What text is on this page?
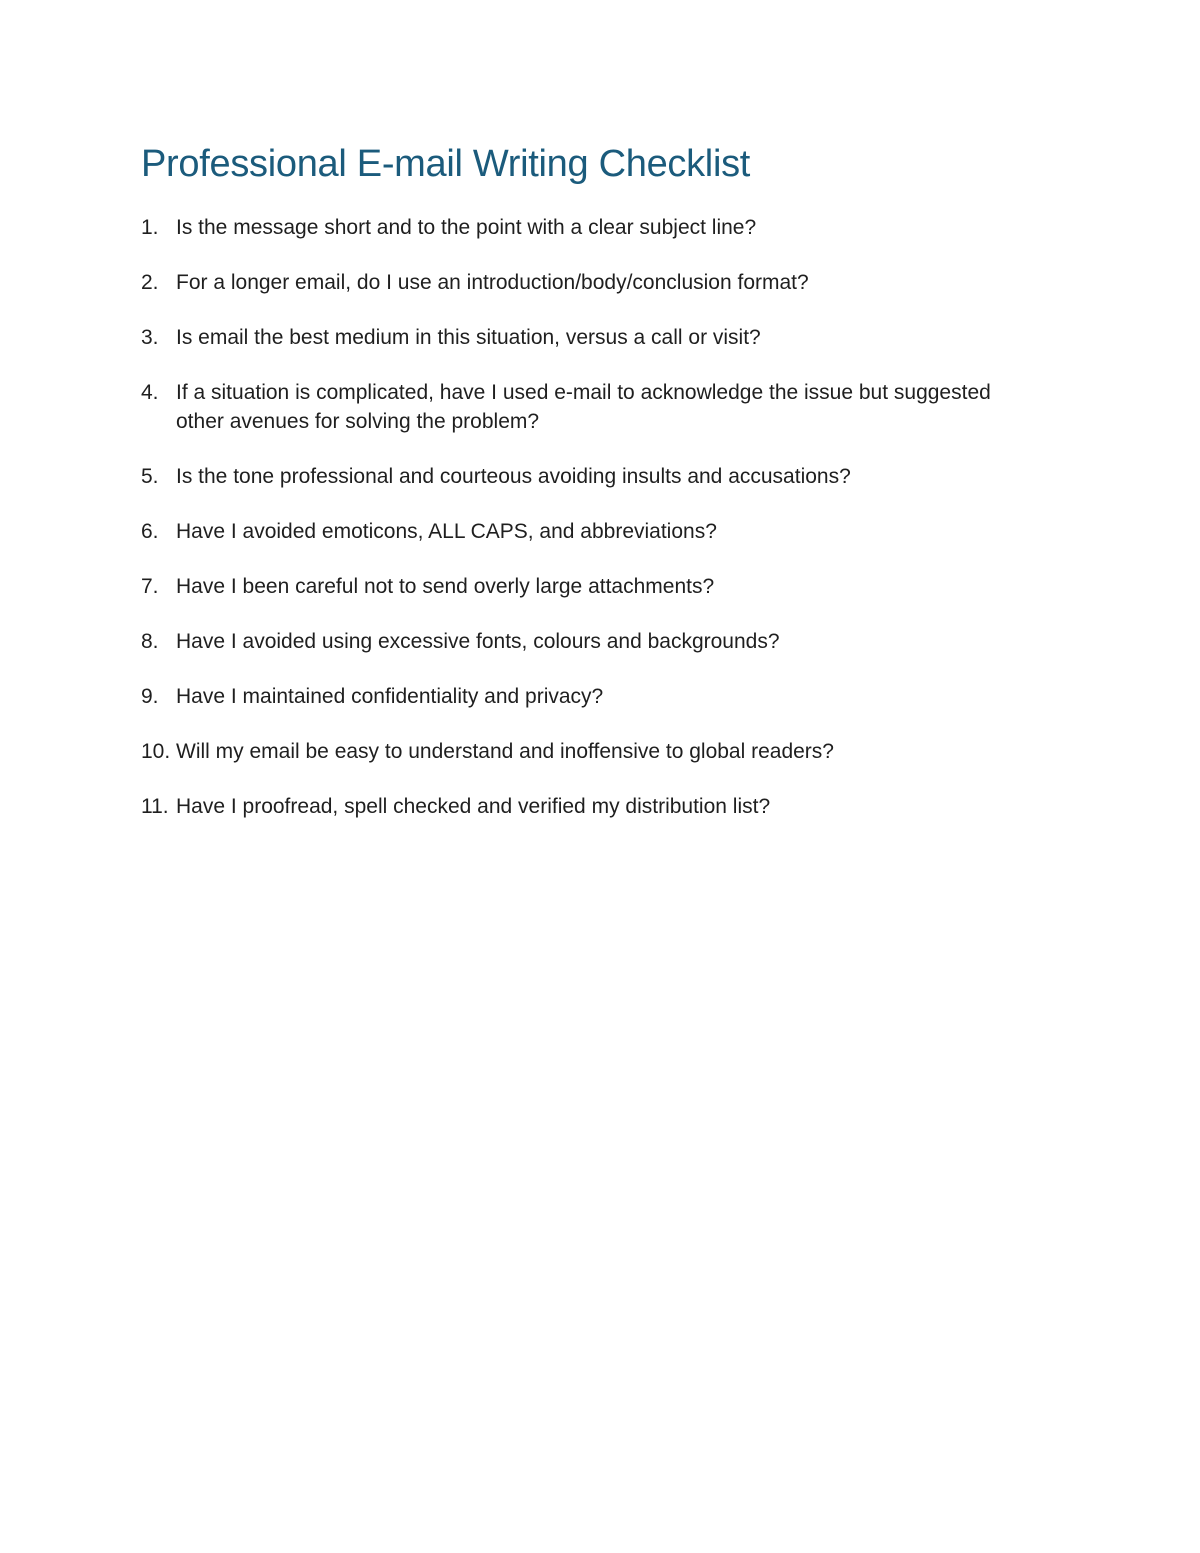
Professional E-mail Writing Checklist
1. Is the message short and to the point with a clear subject line?
2. For a longer email, do I use an introduction/body/conclusion format?
3. Is email the best medium in this situation, versus a call or visit?
4. If a situation is complicated, have I used e-mail to acknowledge the issue but suggested other avenues for solving the problem?
5. Is the tone professional and courteous avoiding insults and accusations?
6. Have I avoided emoticons, ALL CAPS, and abbreviations?
7. Have I been careful not to send overly large attachments?
8. Have I avoided using excessive fonts, colours and backgrounds?
9. Have I maintained confidentiality and privacy?
10. Will my email be easy to understand and inoffensive to global readers?
11. Have I proofread, spell checked and verified my distribution list?
